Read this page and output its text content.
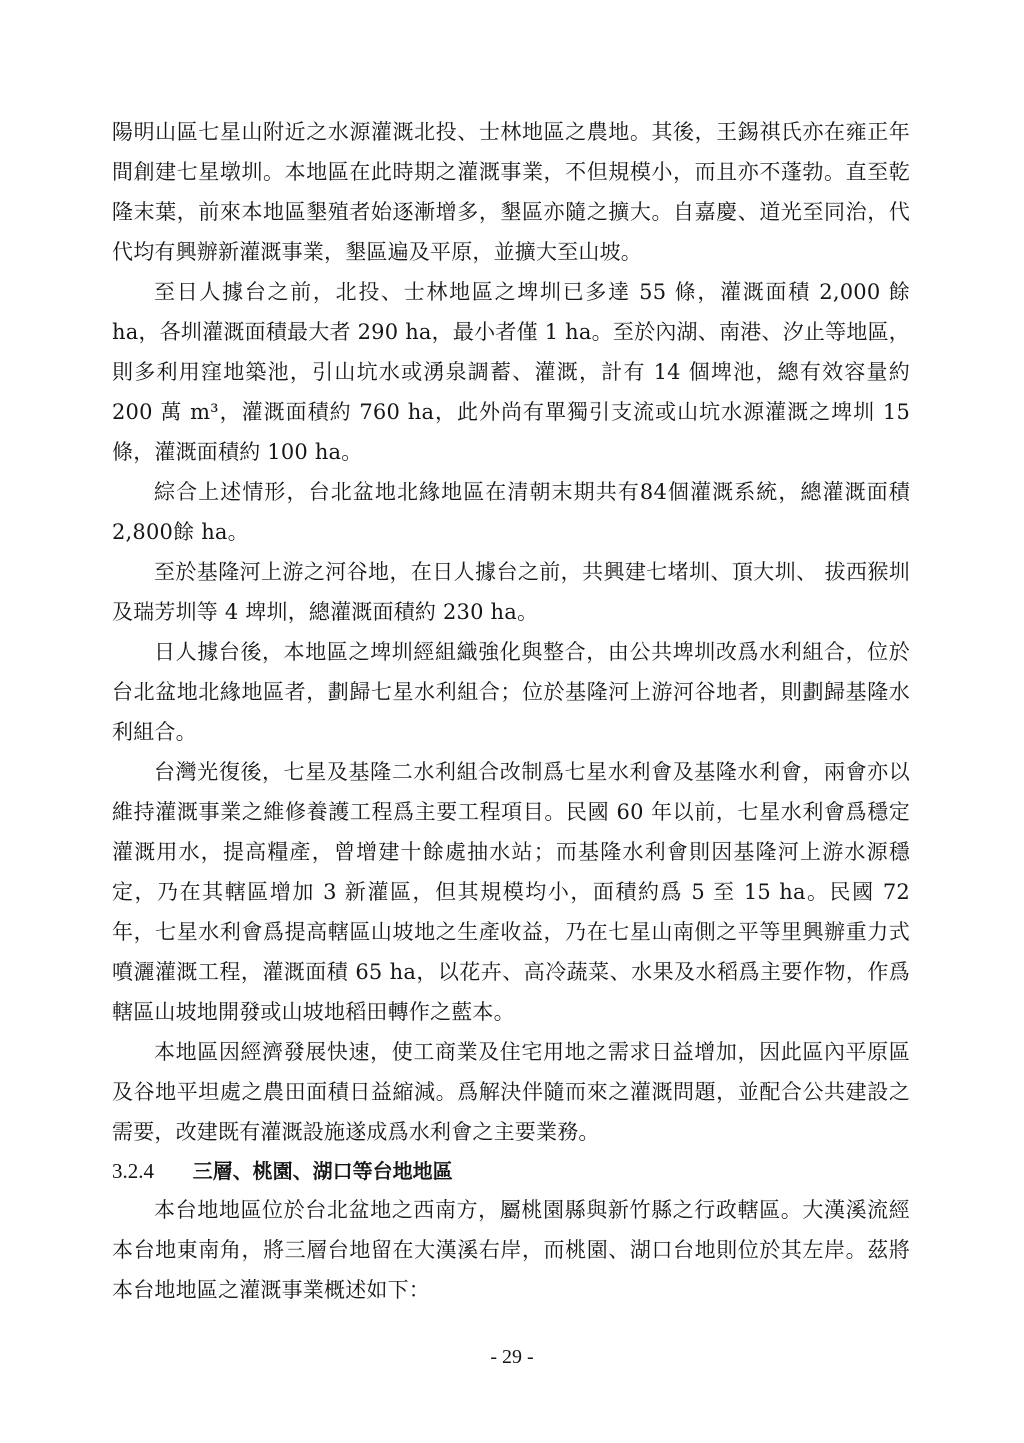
陽明山區七星山附近之水源灌溉北投、士林地區之農地。其後，王錫祺氏亦在雍正年間創建七星墩圳。本地區在此時期之灌溉事業，不但規模小，而且亦不蓬勃。直至乾隆末葉，前來本地區墾殖者始逐漸增多，墾區亦隨之擴大。自嘉慶、道光至同治，代代均有興辦新灌溉事業，墾區遍及平原，並擴大至山坡。

至日人據台之前，北投、士林地區之埤圳已多達 55 條，灌溉面積 2,000 餘 ha，各圳灌溉面積最大者 290 ha，最小者僅 1 ha。至於內湖、南港、汐止等地區，則多利用窪地築池，引山坑水或湧泉調蓄、灌溉，計有 14 個埤池，總有效容量約 200 萬 m³，灌溉面積約 760 ha，此外尚有單獨引支流或山坑水源灌溉之埤圳 15 條，灌溉面積約 100 ha。

綜合上述情形，台北盆地北緣地區在清朝末期共有84個灌溉系統，總灌溉面積2,800餘 ha。

至於基隆河上游之河谷地，在日人據台之前，共興建七堵圳、頂大圳、 拔西猴圳及瑞芳圳等 4 埤圳，總灌溉面積約 230 ha。

日人據台後，本地區之埤圳經組織強化與整合，由公共埤圳改爲水利組合，位於台北盆地北緣地區者，劃歸七星水利組合；位於基隆河上游河谷地者，則劃歸基隆水利組合。

台灣光復後，七星及基隆二水利組合改制爲七星水利會及基隆水利會，兩會亦以維持灌溉事業之維修養護工程爲主要工程項目。民國 60 年以前，七星水利會爲穩定灌溉用水，提高糧產，曾增建十餘處抽水站；而基隆水利會則因基隆河上游水源穩定，乃在其轄區增加 3 新灌區，但其規模均小，面積約爲 5 至 15 ha。民國 72 年，七星水利會爲提高轄區山坡地之生產收益，乃在七星山南側之平等里興辦重力式噴灑灌溉工程，灌溉面積 65 ha，以花卉、高冷蔬菜、水果及水稻爲主要作物，作爲轄區山坡地開發或山坡地稻田轉作之藍本。

本地區因經濟發展快速，使工商業及住宅用地之需求日益增加，因此區內平原區及谷地平坦處之農田面積日益縮減。爲解決伴隨而來之灌溉問題，並配合公共建設之需要，改建既有灌溉設施遂成爲水利會之主要業務。

3.2.4 三層、桃園、湖口等台地地區

本台地地區位於台北盆地之西南方，屬桃園縣與新竹縣之行政轄區。大漢溪流經本台地東南角，將三層台地留在大漢溪右岸，而桃園、湖口台地則位於其左岸。茲將本台地地區之灌溉事業概述如下：

- 29 -
